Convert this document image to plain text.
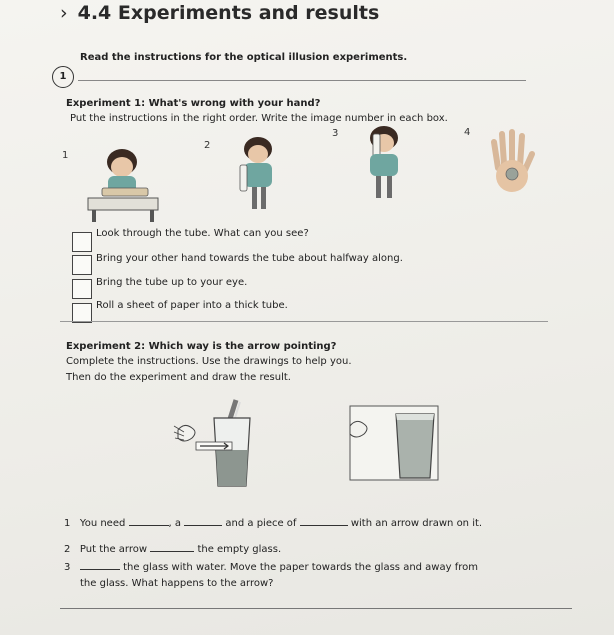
› 4.4 Experiments and results
1
Read the instructions for the optical illusion experiments.
Experiment 1: What's wrong with your hand?
Put the instructions in the right order. Write the image number in each box.
1
2
3	4
Look through the tube. What can you see?
Bring your other hand towards the tube about halfway along.
Bring the tube up to your eye.
Roll a sheet of paper into a thick tube.
Experiment 2: Which way is the arrow pointing?
Complete the instructions. Use the drawings to help you.
Then do the experiment and draw the result.
1 You need	, a	and a piece of	with an arrow drawn on it.
2 Put the arrow	the empty glass.
3	the glass with water. Move the paper towards the glass and away from
the glass. What happens to the arrow?
